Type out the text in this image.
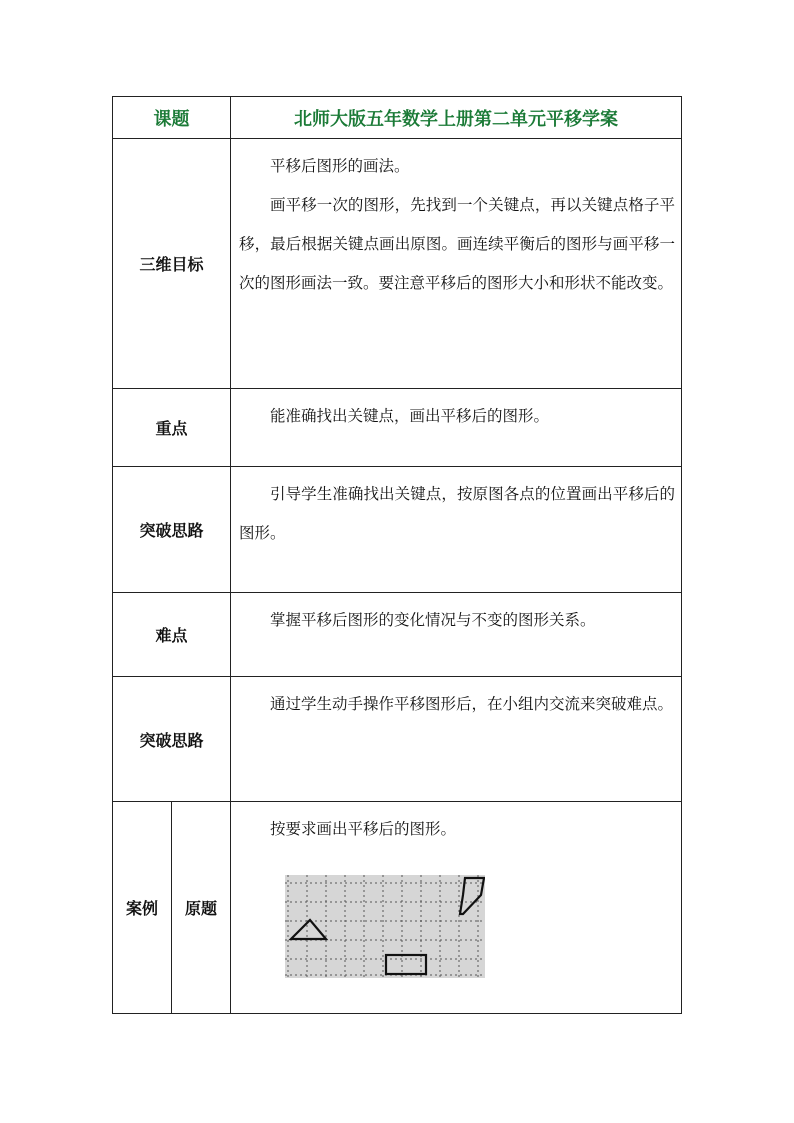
课题		北师大版五年数学上册第二单元平移学案
三维目标		平移后图形的画法。

画平移一次的图形，先找到一个关键点，再以关键点格子平移，最后根据关键点画出原图。画连续平衡后的图形与画平移一次的图形画法一致。要注意平移后的图形大小和形状不能改变。

重点		能准确找出关键点，画出平移后的图形。

突破思路		引导学生准确找出关键点，按原图各点的位置画出平移后的图形。

难点		掌握平移后图形的变化情况与不变的图形关系。

突破思路		通过学生动手操作平移图形后，在小组内交流来突破难点。

案例	原题	按要求画出平移后的图形。
